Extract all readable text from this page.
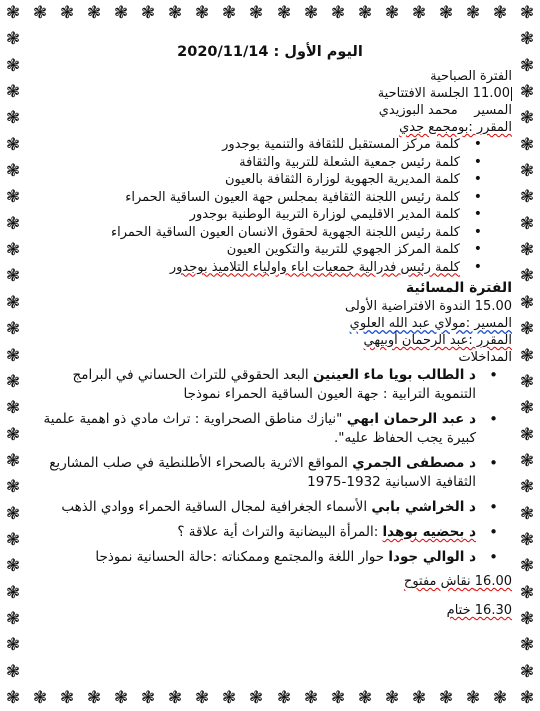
❃
❃
❃
❃
❃
❃
❃
❃
❃
❃
❃
❃
❃
❃
❃
❃
❃
❃
❃
❃
❃
❃
❃
❃
❃
❃
❃
❃
❃
❃
❃
❃
❃
❃
❃
❃
❃
❃
❃
❃
❃	❃
❃	❃
❃	❃
❃	❃
❃	❃
❃	❃
❃	❃
❃	❃
❃	❃
❃	❃
❃	❃
❃	❃
❃	❃
❃	❃
❃	❃
❃	❃
❃	❃
❃	❃
❃	❃
❃	❃
❃	❃
❃	❃
❃	❃
❃	❃
❃	❃
اليوم الأول : 2020/11/14
الفترة الصباحية
11.00 الجلسة الافتتاحية
المسير    محمد البوزيدي
المقرر :بومجمع جدي
• كلمة مركز المستقبل للثقافة والتنمية بوجدور
• كلمة رئيس جمعية الشعلة للتربية والثقافة
• كلمة المديرية الجهوية لوزارة الثقافة بالعيون
• كلمة رئيس اللجنة الثقافية بمجلس جهة العيون الساقية الحمراء
• كلمة المدير الاقليمي لوزارة التربية الوطنية بوجدور
• كلمة رئيس اللجنة الجهوية لحقوق الانسان العيون الساقية الحمراء
• كلمة المركز الجهوي للتربية والتكوين العيون
• كلمة رئيس فدرالية جمعيات اباء واولياء التلاميذ بوجدور
الفترة المسائية
15.00 الندوة الافتراضية الأولى
المسير :مولاي عبد الله العلوي
المقرر :عبد الرحمان أوبيهي
المداخلات
• د الطالب بويا ماء العينين البعد الحقوقي للتراث الحساني في البرامج التنموية الترابية : جهة العيون الساقية الحمراء نموذجا
• د عبد الرحمان ابهي "نيازك مناطق الصحراوية : تراث مادي ذو اهمية علمية كبيرة يجب الحفاظ عليه".
• د مصطفى الجمري المواقع الاثرية بالصحراء الأطلنطية في صلب المشاريع الثقافية الاسبانية 1932-1975
• د الخراشي بابي الأسماء الجغرافية لمجال الساقية الحمراء ووادي الذهب
• د بحضيه بوهدا :المرأة البيضانية والتراث أية علاقة ؟
• د الوالي جودا حوار اللغة والمجتمع وممكناته :حالة الحسانية نموذجا
16.00 نقاش مفتوح
16.30 ختام
